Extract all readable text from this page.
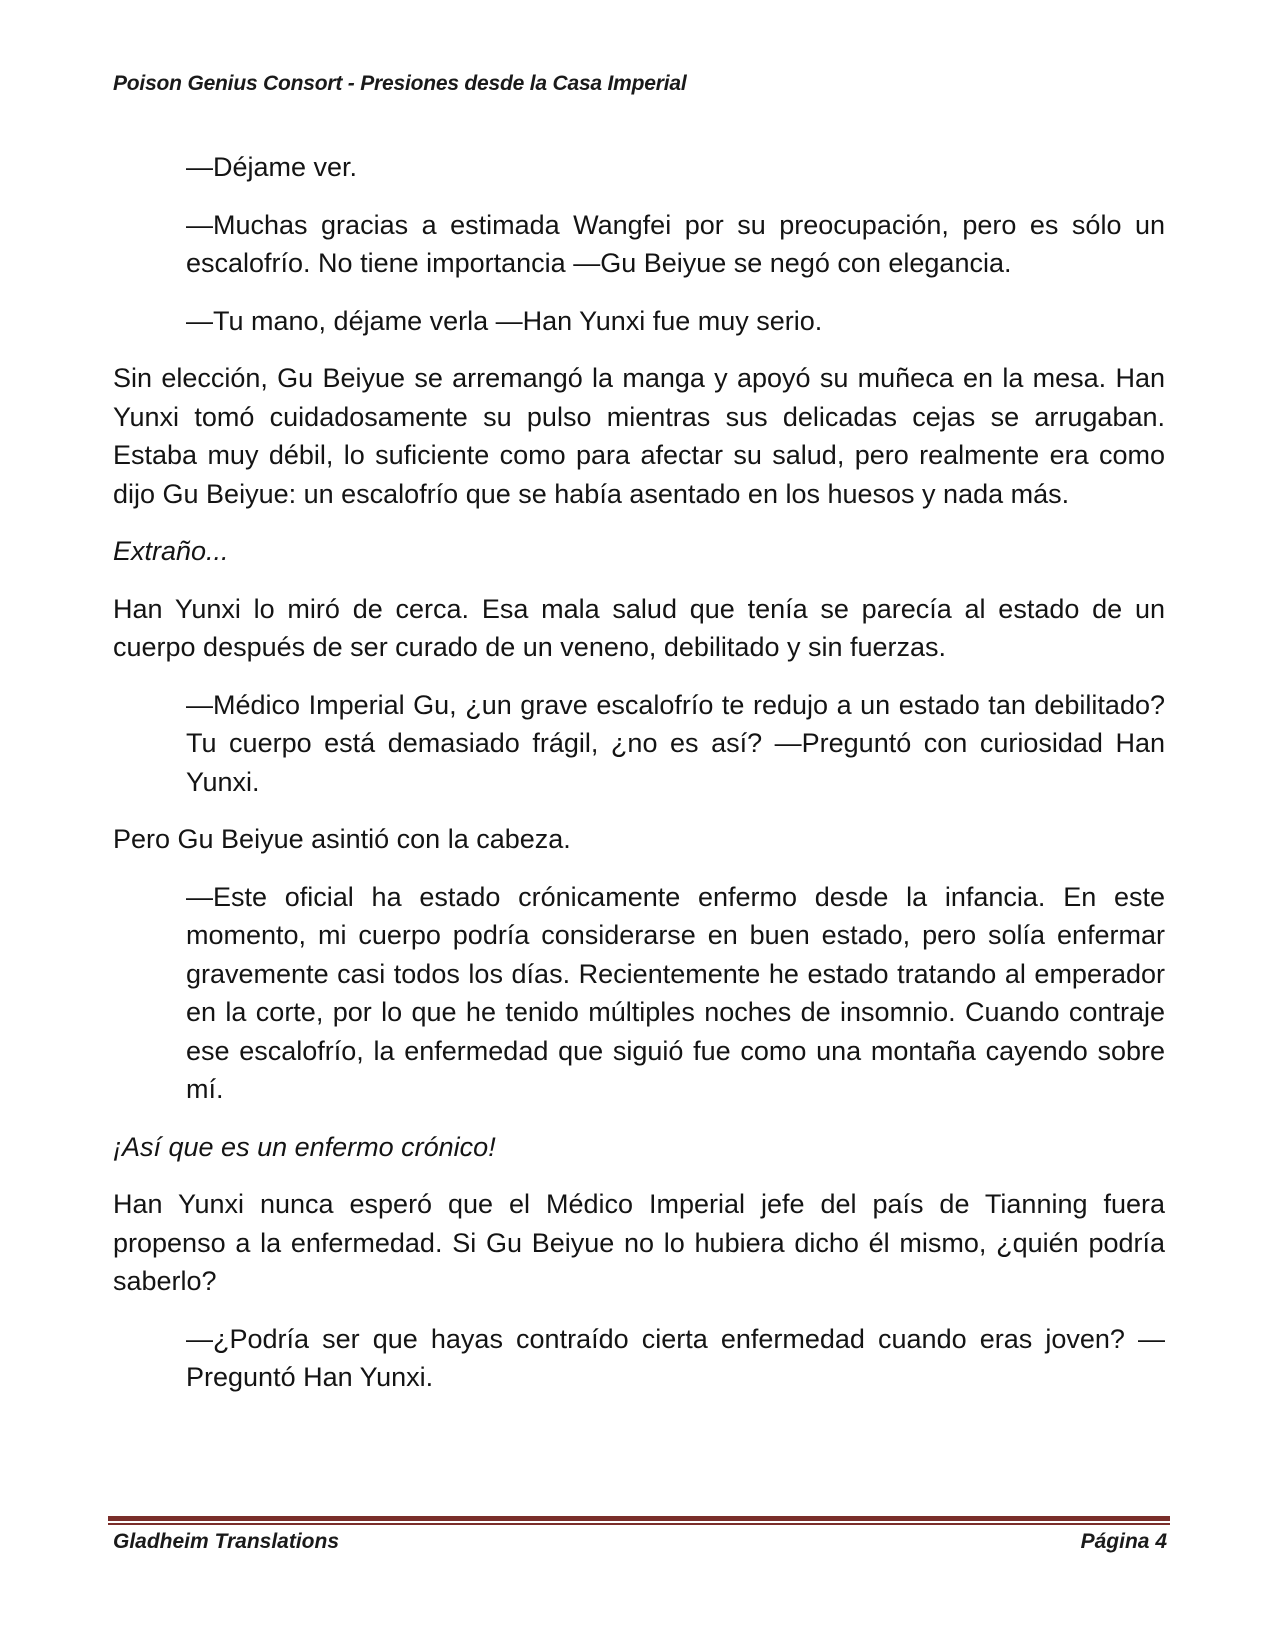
Poison Genius Consort - Presiones desde la Casa Imperial

—Déjame ver.

—Muchas gracias a estimada Wangfei por su preocupación, pero es sólo un escalofrío. No tiene importancia —Gu Beiyue se negó con elegancia.

—Tu mano, déjame verla —Han Yunxi fue muy serio.

Sin elección, Gu Beiyue se arremangó la manga y apoyó su muñeca en la mesa. Han Yunxi tomó cuidadosamente su pulso mientras sus delicadas cejas se arrugaban. Estaba muy débil, lo suficiente como para afectar su salud, pero realmente era como dijo Gu Beiyue: un escalofrío que se había asentado en los huesos y nada más.

Extraño...

Han Yunxi lo miró de cerca. Esa mala salud que tenía se parecía al estado de un cuerpo después de ser curado de un veneno, debilitado y sin fuerzas.

—Médico Imperial Gu, ¿un grave escalofrío te redujo a un estado tan debilitado? Tu cuerpo está demasiado frágil, ¿no es así? —Preguntó con curiosidad Han Yunxi.

Pero Gu Beiyue asintió con la cabeza.

—Este oficial ha estado crónicamente enfermo desde la infancia. En este momento, mi cuerpo podría considerarse en buen estado, pero solía enfermar gravemente casi todos los días. Recientemente he estado tratando al emperador en la corte, por lo que he tenido múltiples noches de insomnio. Cuando contraje ese escalofrío, la enfermedad que siguió fue como una montaña cayendo sobre mí.

¡Así que es un enfermo crónico!

Han Yunxi nunca esperó que el Médico Imperial jefe del país de Tianning fuera propenso a la enfermedad. Si Gu Beiyue no lo hubiera dicho él mismo, ¿quién podría saberlo?

—¿Podría ser que hayas contraído cierta enfermedad cuando eras joven? —Preguntó Han Yunxi.

Gladheim Translations	Página 4
